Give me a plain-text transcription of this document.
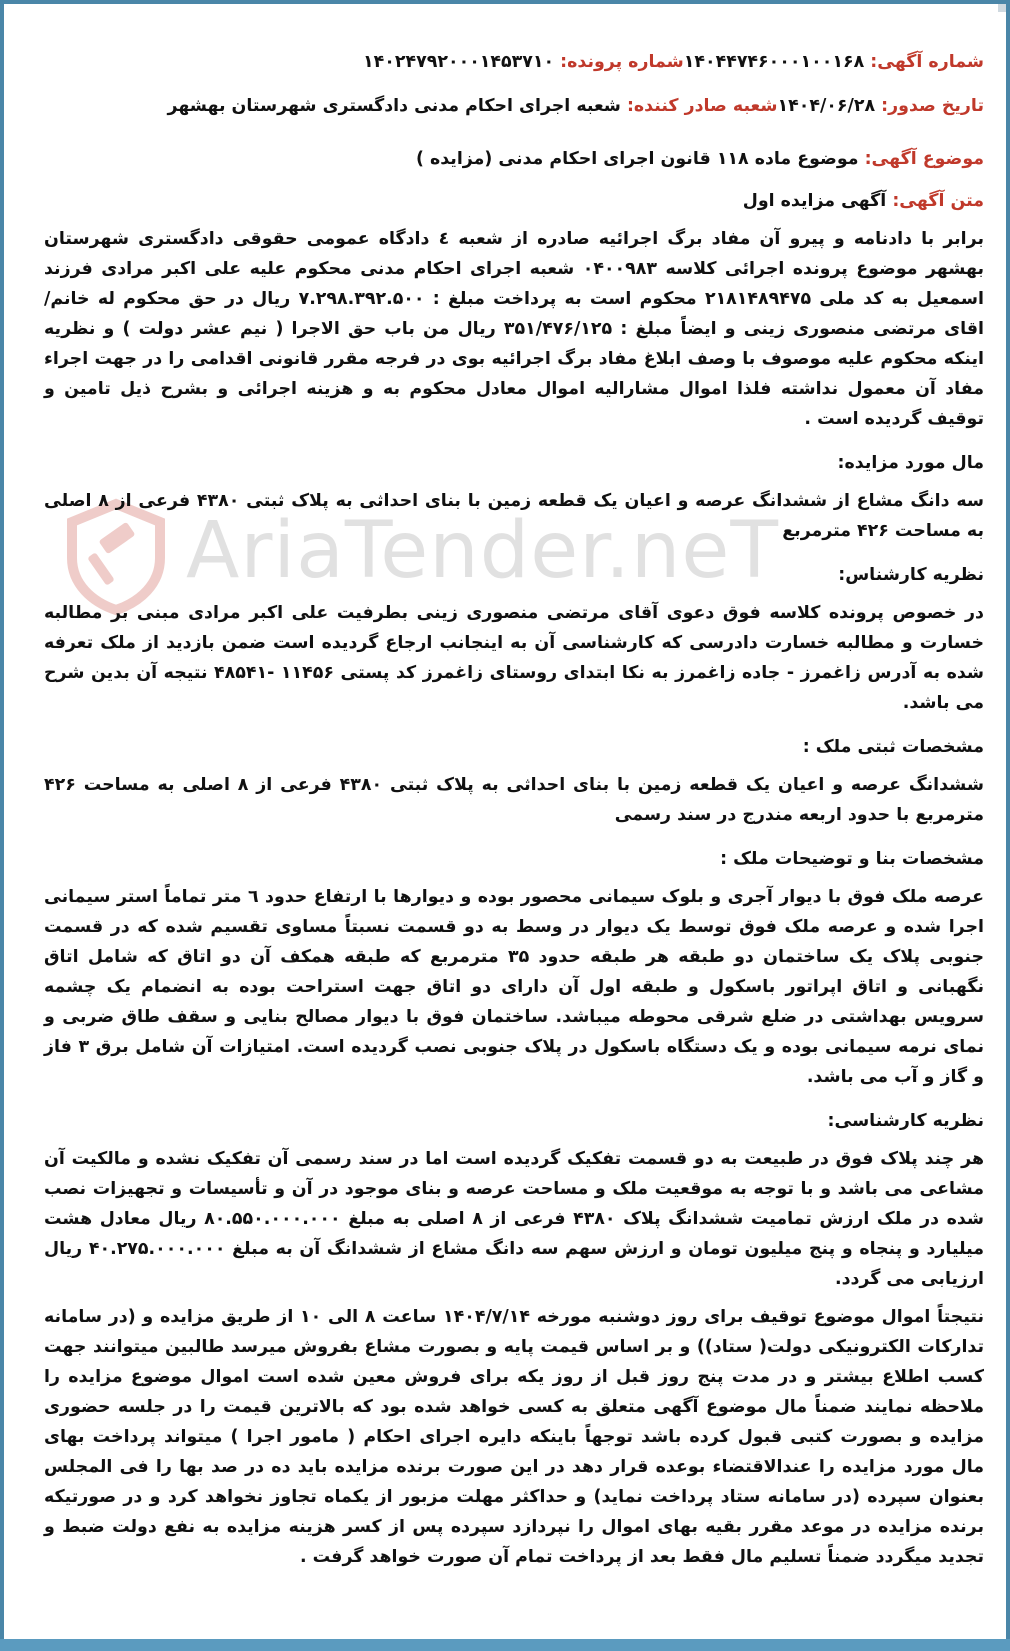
AriaTender.neT
شماره آگهی: ۱۴۰۴۴۷۴۶۰۰۰۱۰۰۱۶۸
شماره پرونده: ۱۴۰۲۴۷۹۲۰۰۰۱۴۵۳۷۱۰
تاریخ صدور: ۱۴۰۴/۰۶/۲۸
شعبه صادر کننده: شعبه اجرای احکام مدنی دادگستری شهرستان بهشهر
موضوع آگهی: موضوع ماده ۱۱۸ قانون اجرای احکام مدنی (مزایده )
متن آگهی: آگهی مزایده اول

برابر با دادنامه و پیرو آن مفاد برگ اجرائیه صادره از شعبه ٤ دادگاه عمومی حقوقی دادگستری شهرستان بهشهر موضوع پرونده اجرائی کلاسه ۰۴۰۰۹۸۳ شعبه اجرای احکام مدنی محکوم علیه علی اکبر مرادی فرزند اسمعیل به کد ملی ۲۱۸۱۴۸۹۴۷۵ محکوم است به پرداخت مبلغ : ۷.۲۹۸.۳۹۲.۵۰۰ ریال در حق محکوم له خانم/اقای مرتضی منصوری زینی و ایضاً مبلغ : ۳۵۱/۴۷۶/۱۲۵ ریال من باب حق الاجرا ( نیم عشر دولت ) و نظریه اینکه محکوم علیه موصوف با وصف ابلاغ مفاد برگ اجرائیه بوی در فرجه مقرر قانونی اقدامی را در جهت اجراء مفاد آن معمول نداشته فلذا اموال مشارالیه اموال معادل محکوم به و هزینه اجرائی و بشرح ذیل تامین و توقیف گردیده است .

مال مورد مزایده:

سه دانگ مشاع از ششدانگ عرصه و اعیان یک قطعه زمین با بنای احداثی به پلاک ثبتی ۴۳۸۰ فرعی از ۸ اصلی به مساحت ۴۲۶ مترمربع

نظریه کارشناس:

در خصوص پرونده کلاسه فوق دعوی آقای مرتضی منصوری زینی بطرفیت علی اکبر مرادی مبنی بر مطالبه خسارت و مطالبه خسارت دادرسی که کارشناسی آن به اینجانب ارجاع گردیده است ضمن بازدید از ملک تعرفه شده به آدرس زاغمرز - جاده زاغمرز به نکا ابتدای روستای زاغمرز کد پستی ۱۱۴۵۶ -۴۸۵۴۱ نتیجه آن بدین شرح می باشد.

مشخصات ثبتی ملک :

ششدانگ عرصه و اعیان یک قطعه زمین با بنای احداثی به پلاک ثبتی ۴۳۸۰ فرعی از ۸ اصلی به مساحت ۴۲۶ مترمربع با حدود اربعه مندرج در سند رسمی

مشخصات بنا و توضیحات ملک :

عرصه ملک فوق با دیوار آجری و بلوک سیمانی محصور بوده و دیوارها با ارتفاع حدود ٦ متر تماماً استر سیمانی اجرا شده و عرصه ملک فوق توسط یک دیوار در وسط به دو قسمت نسبتاً مساوی تقسیم شده که در قسمت جنوبی پلاک یک ساختمان دو طبقه هر طبقه حدود ۳۵ مترمربع که طبقه همکف آن دو اتاق که شامل اتاق نگهبانی و اتاق اپراتور باسکول و طبقه اول آن دارای دو اتاق جهت استراحت بوده به انضمام یک چشمه سرویس بهداشتی در ضلع شرقی محوطه میباشد. ساختمان فوق با دیوار مصالح بنایی و سقف طاق ضربی و نمای نرمه سیمانی بوده و یک دستگاه باسکول در پلاک جنوبی نصب گردیده است. امتیازات آن شامل برق ۳ فاز و گاز و آب می باشد.

نظریه کارشناسی:

هر چند پلاک فوق در طبیعت به دو قسمت تفکیک گردیده است اما در سند رسمی آن تفکیک نشده و مالکیت آن مشاعی می باشد و با توجه به موقعیت ملک و مساحت عرصه و بنای موجود در آن و تأسیسات و تجهیزات نصب شده در ملک ارزش تمامیت ششدانگ پلاک ۴۳۸۰ فرعی از ۸ اصلی به مبلغ ۸۰.۵۵۰.۰۰۰.۰۰۰ ریال معادل هشت میلیارد و پنجاه و پنج میلیون تومان و ارزش سهم سه دانگ مشاع از ششدانگ آن به مبلغ ۴۰.۲۷۵.۰۰۰.۰۰۰ ریال ارزیابی می گردد.

نتیجتاً اموال موضوع توقیف برای روز دوشنبه مورخه ۱۴۰۴/۷/۱۴ ساعت ۸ الی ۱۰ از طریق مزایده و (در سامانه تدارکات الکترونیکی دولت( ستاد)) و بر اساس قیمت پایه و بصورت مشاع بفروش میرسد طالبین میتوانند جهت کسب اطلاع بیشتر و در مدت پنج روز قبل از روز یکه برای فروش معین شده است اموال موضوع مزایده را ملاحظه نمایند ضمناً مال موضوع آگهی متعلق به کسی خواهد شده بود که بالاترین قیمت را در جلسه حضوری مزایده و بصورت کتبی قبول کرده باشد توجهاً باینکه دایره اجرای احکام ( مامور اجرا ) میتواند پرداخت بهای مال مورد مزایده را عندالاقتضاء بوعده قرار دهد در این صورت برنده مزایده باید ده در صد بها را فی المجلس بعنوان سپرده (در سامانه ستاد پرداخت نماید) و حداکثر مهلت مزبور از یکماه تجاوز نخواهد کرد و در صورتیکه برنده مزایده در موعد مقرر بقیه بهای اموال را نپردازد سپرده پس از کسر هزینه مزایده به نفع دولت ضبط و تجدید میگردد ضمناً تسلیم مال فقط بعد از پرداخت تمام آن صورت خواهد گرفت .
